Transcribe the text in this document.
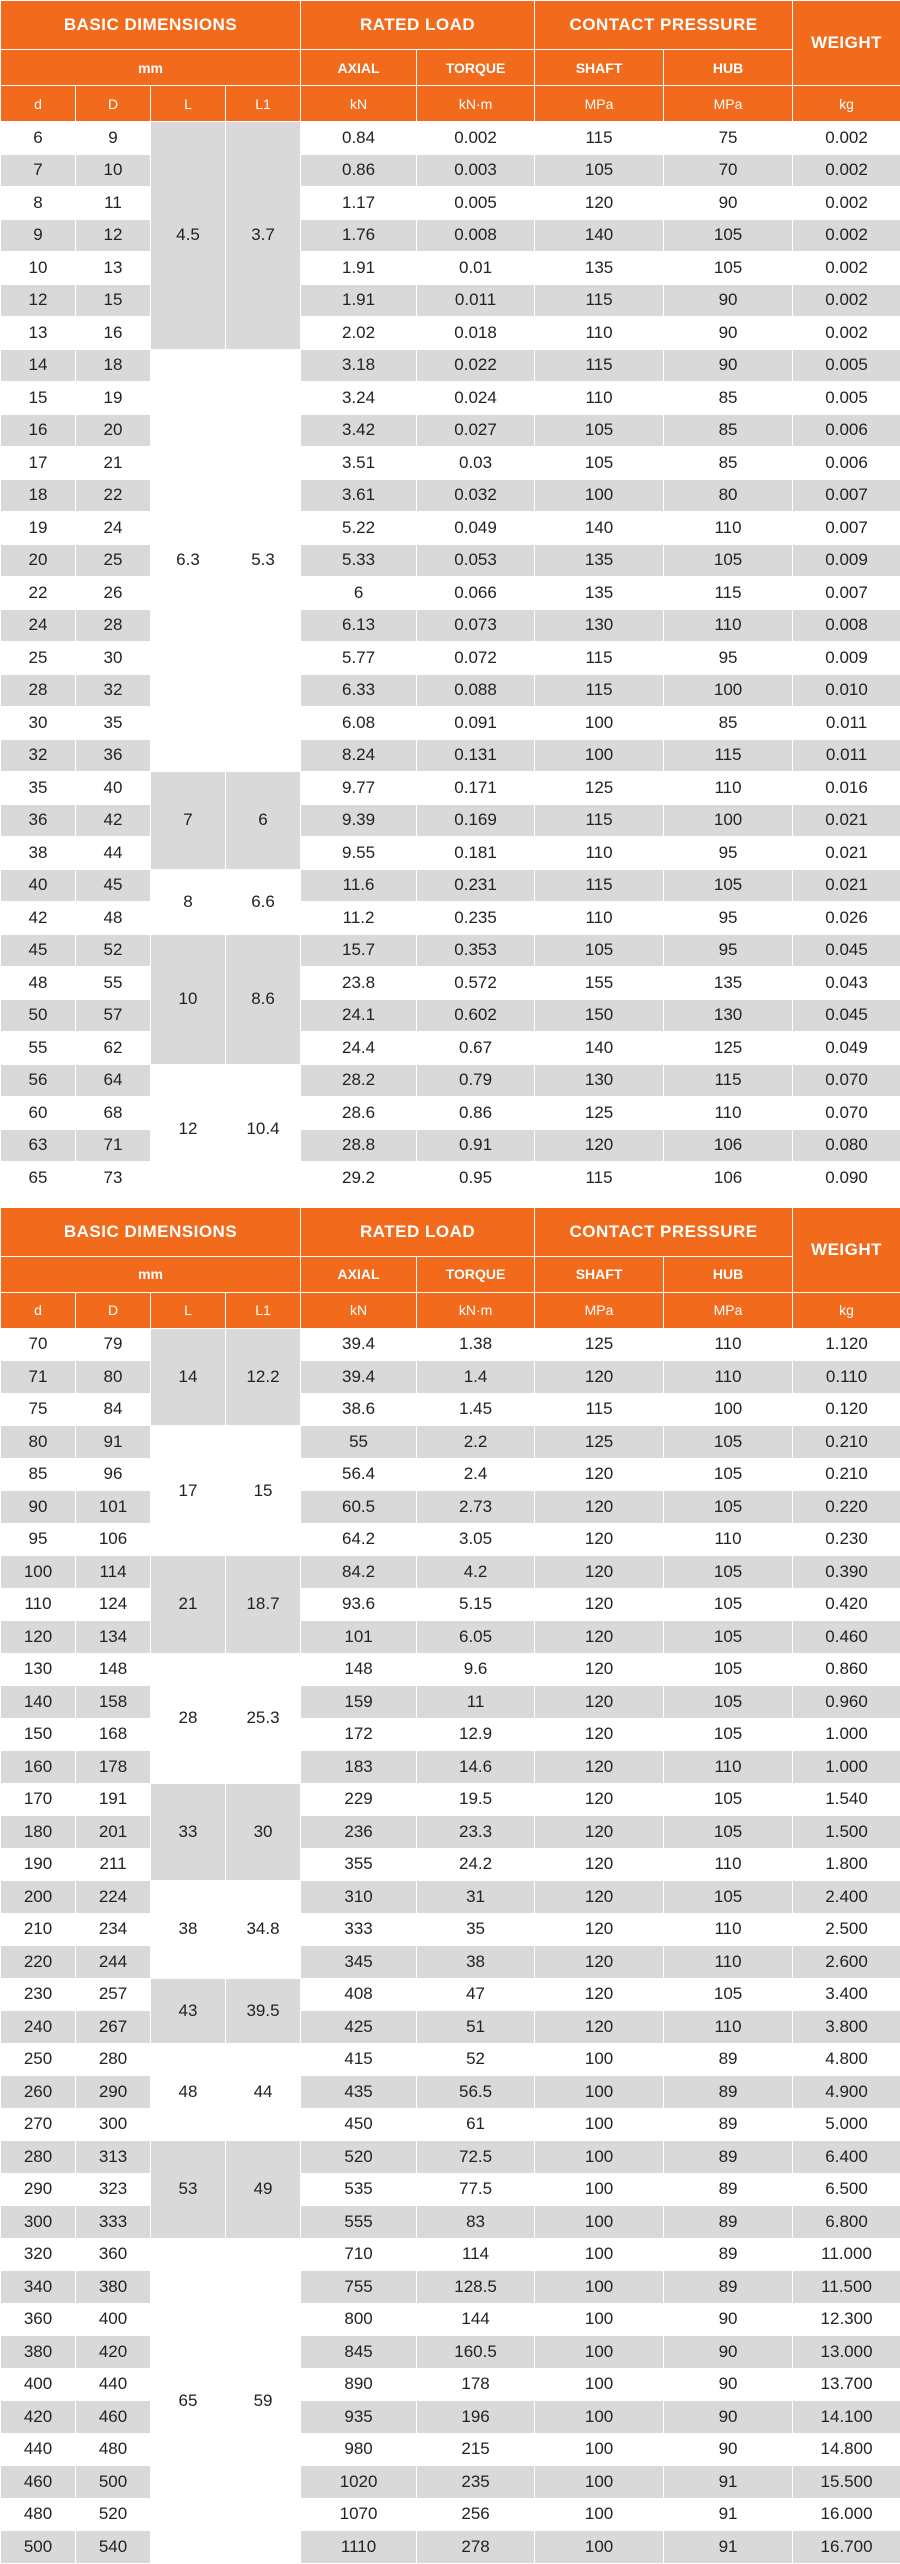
BASIC DIMENSIONS				RATED LOAD		CONTACT PRESSURE		WEIGHT
mm				AXIAL	TORQUE	SHAFT	HUB	
d	D	L	L1	kN	kN·m	MPa	MPa	kg
6	9	4.5	3.7	0.84	0.002	115	75	0.002
7	10			0.86	0.003	105	70	0.002
8	11			1.17	0.005	120	90	0.002
9	12			1.76	0.008	140	105	0.002
10	13			1.91	0.01	135	105	0.002
12	15			1.91	0.011	115	90	0.002
13	16			2.02	0.018	110	90	0.002
14	18	6.3	5.3	3.18	0.022	115	90	0.005
15	19			3.24	0.024	110	85	0.005
16	20			3.42	0.027	105	85	0.006
17	21			3.51	0.03	105	85	0.006
18	22			3.61	0.032	100	80	0.007
19	24			5.22	0.049	140	110	0.007
20	25			5.33	0.053	135	105	0.009
22	26			6	0.066	135	115	0.007
24	28			6.13	0.073	130	110	0.008
25	30			5.77	0.072	115	95	0.009
28	32			6.33	0.088	115	100	0.010
30	35			6.08	0.091	100	85	0.011
32	36			8.24	0.131	100	115	0.011
35	40	7	6	9.77	0.171	125	110	0.016
36	42			9.39	0.169	115	100	0.021
38	44			9.55	0.181	110	95	0.021
40	45	8	6.6	11.6	0.231	115	105	0.021
42	48			11.2	0.235	110	95	0.026
45	52	10	8.6	15.7	0.353	105	95	0.045
48	55			23.8	0.572	155	135	0.043
50	57			24.1	0.602	150	130	0.045
55	62			24.4	0.67	140	125	0.049
56	64	12	10.4	28.2	0.79	130	115	0.070
60	68			28.6	0.86	125	110	0.070
63	71			28.8	0.91	120	106	0.080
65	73			29.2	0.95	115	106	0.090
BASIC DIMENSIONS				RATED LOAD		CONTACT PRESSURE		WEIGHT
mm				AXIAL	TORQUE	SHAFT	HUB	
d	D	L	L1	kN	kN·m	MPa	MPa	kg
70	79	14	12.2	39.4	1.38	125	110	1.120
71	80			39.4	1.4	120	110	0.110
75	84			38.6	1.45	115	100	0.120
80	91	17	15	55	2.2	125	105	0.210
85	96			56.4	2.4	120	105	0.210
90	101			60.5	2.73	120	105	0.220
95	106			64.2	3.05	120	110	0.230
100	114	21	18.7	84.2	4.2	120	105	0.390
110	124			93.6	5.15	120	105	0.420
120	134			101	6.05	120	105	0.460
130	148	28	25.3	148	9.6	120	105	0.860
140	158			159	11	120	105	0.960
150	168			172	12.9	120	105	1.000
160	178			183	14.6	120	110	1.000
170	191	33	30	229	19.5	120	105	1.540
180	201			236	23.3	120	105	1.500
190	211			355	24.2	120	110	1.800
200	224	38	34.8	310	31	120	105	2.400
210	234			333	35	120	110	2.500
220	244			345	38	120	110	2.600
230	257	43	39.5	408	47	120	105	3.400
240	267			425	51	120	110	3.800
250	280	48	44	415	52	100	89	4.800
260	290			435	56.5	100	89	4.900
270	300			450	61	100	89	5.000
280	313	53	49	520	72.5	100	89	6.400
290	323			535	77.5	100	89	6.500
300	333			555	83	100	89	6.800
320	360	65	59	710	114	100	89	11.000
340	380			755	128.5	100	89	11.500
360	400			800	144	100	90	12.300
380	420			845	160.5	100	90	13.000
400	440			890	178	100	90	13.700
420	460			935	196	100	90	14.100
440	480			980	215	100	90	14.800
460	500			1020	235	100	91	15.500
480	520			1070	256	100	91	16.000
500	540			1110	278	100	91	16.700
